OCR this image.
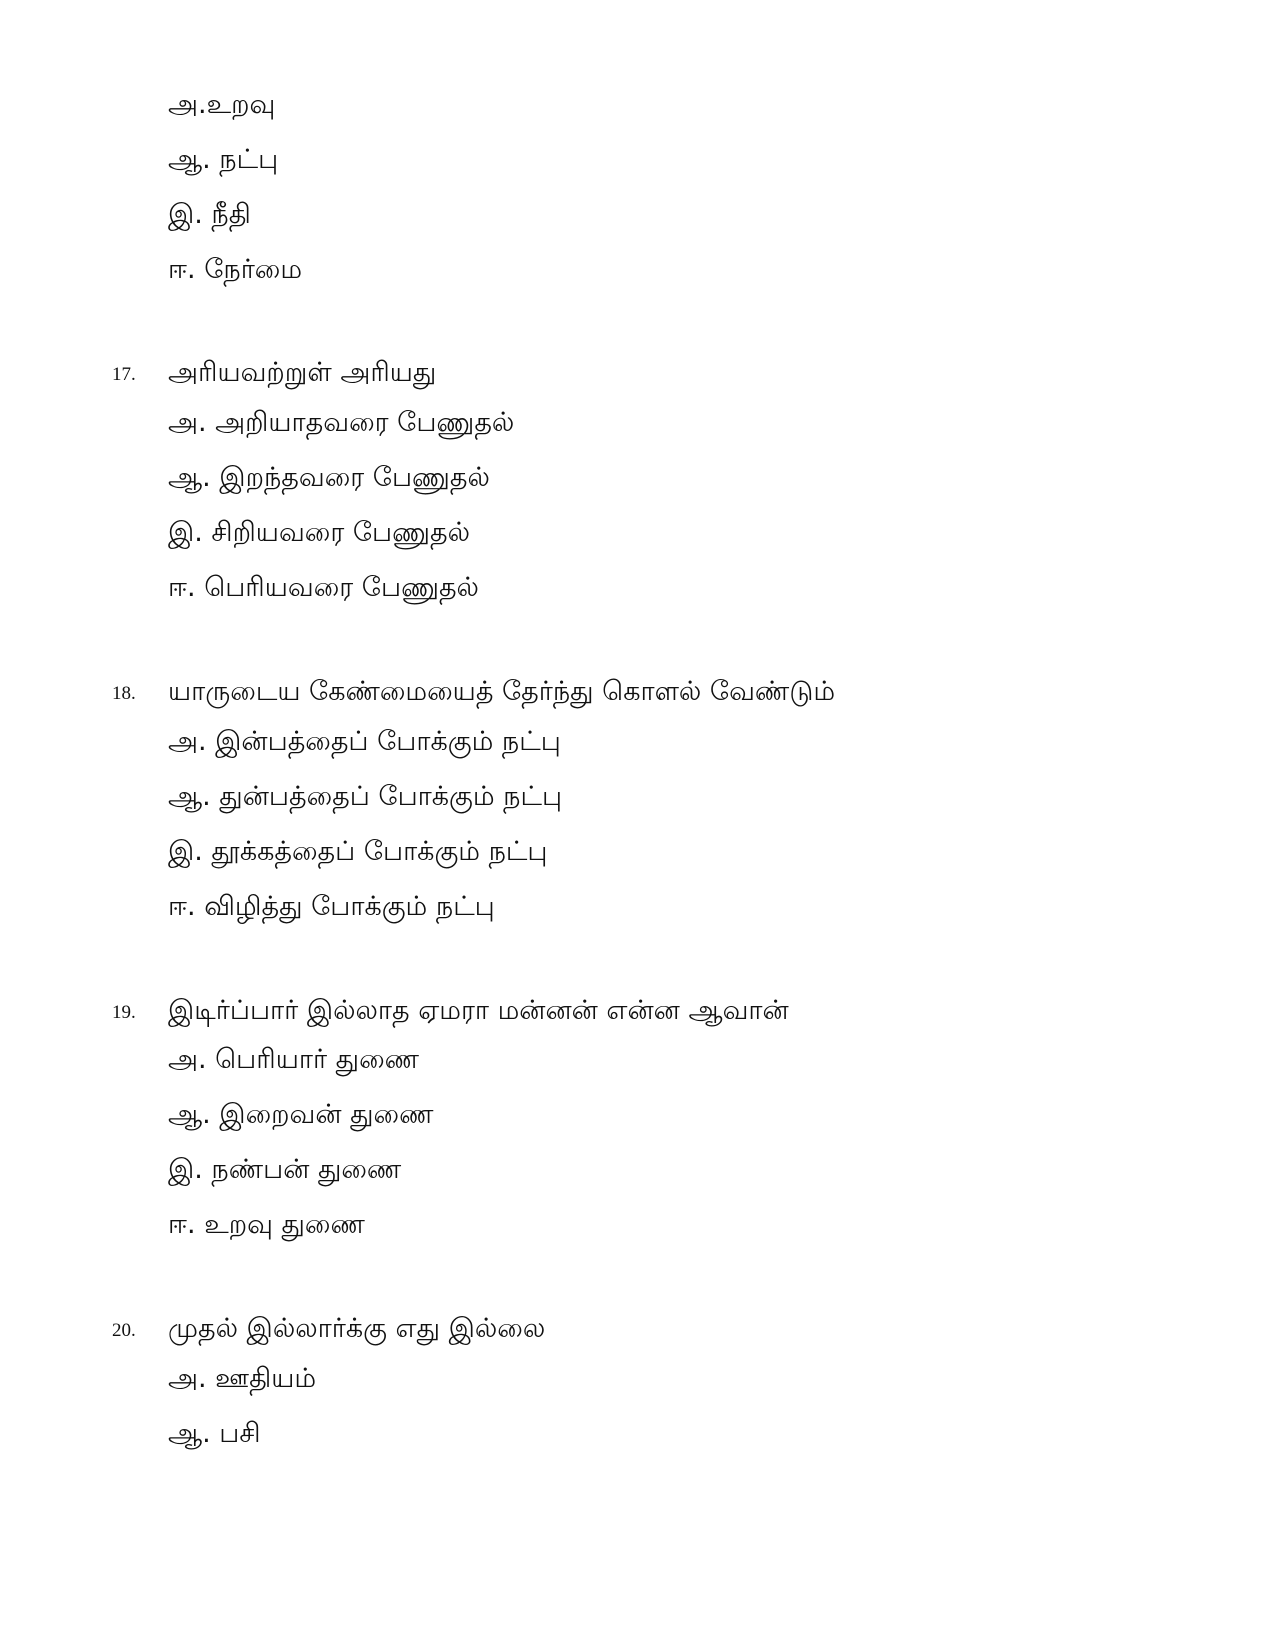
அ.உறவு
ஆ. நட்பு
இ. நீதி
ஈ. நேர்மை
17. அரியவற்றுள் அரியது
அ. அறியாதவரை பேணுதல்
ஆ. இறந்தவரை பேணுதல்
இ. சிறியவரை பேணுதல்
ஈ. பெரியவரை பேணுதல்
18. யாருடைய கேண்மையைத் தேர்ந்து கொளல் வேண்டும்
அ. இன்பத்தைப் போக்கும் நட்பு
ஆ. துன்பத்தைப் போக்கும் நட்பு
இ. தூக்கத்தைப் போக்கும் நட்பு
ஈ. விழித்து போக்கும் நட்பு
19. இடிர்ப்பார் இல்லாத ஏமரா மன்னன் என்ன ஆவான்
அ. பெரியார் துணை
ஆ. இறைவன் துணை
இ. நண்பன் துணை
ஈ. உறவு துணை
20. முதல் இல்லார்க்கு எது இல்லை
அ. ஊதியம்
ஆ. பசி
